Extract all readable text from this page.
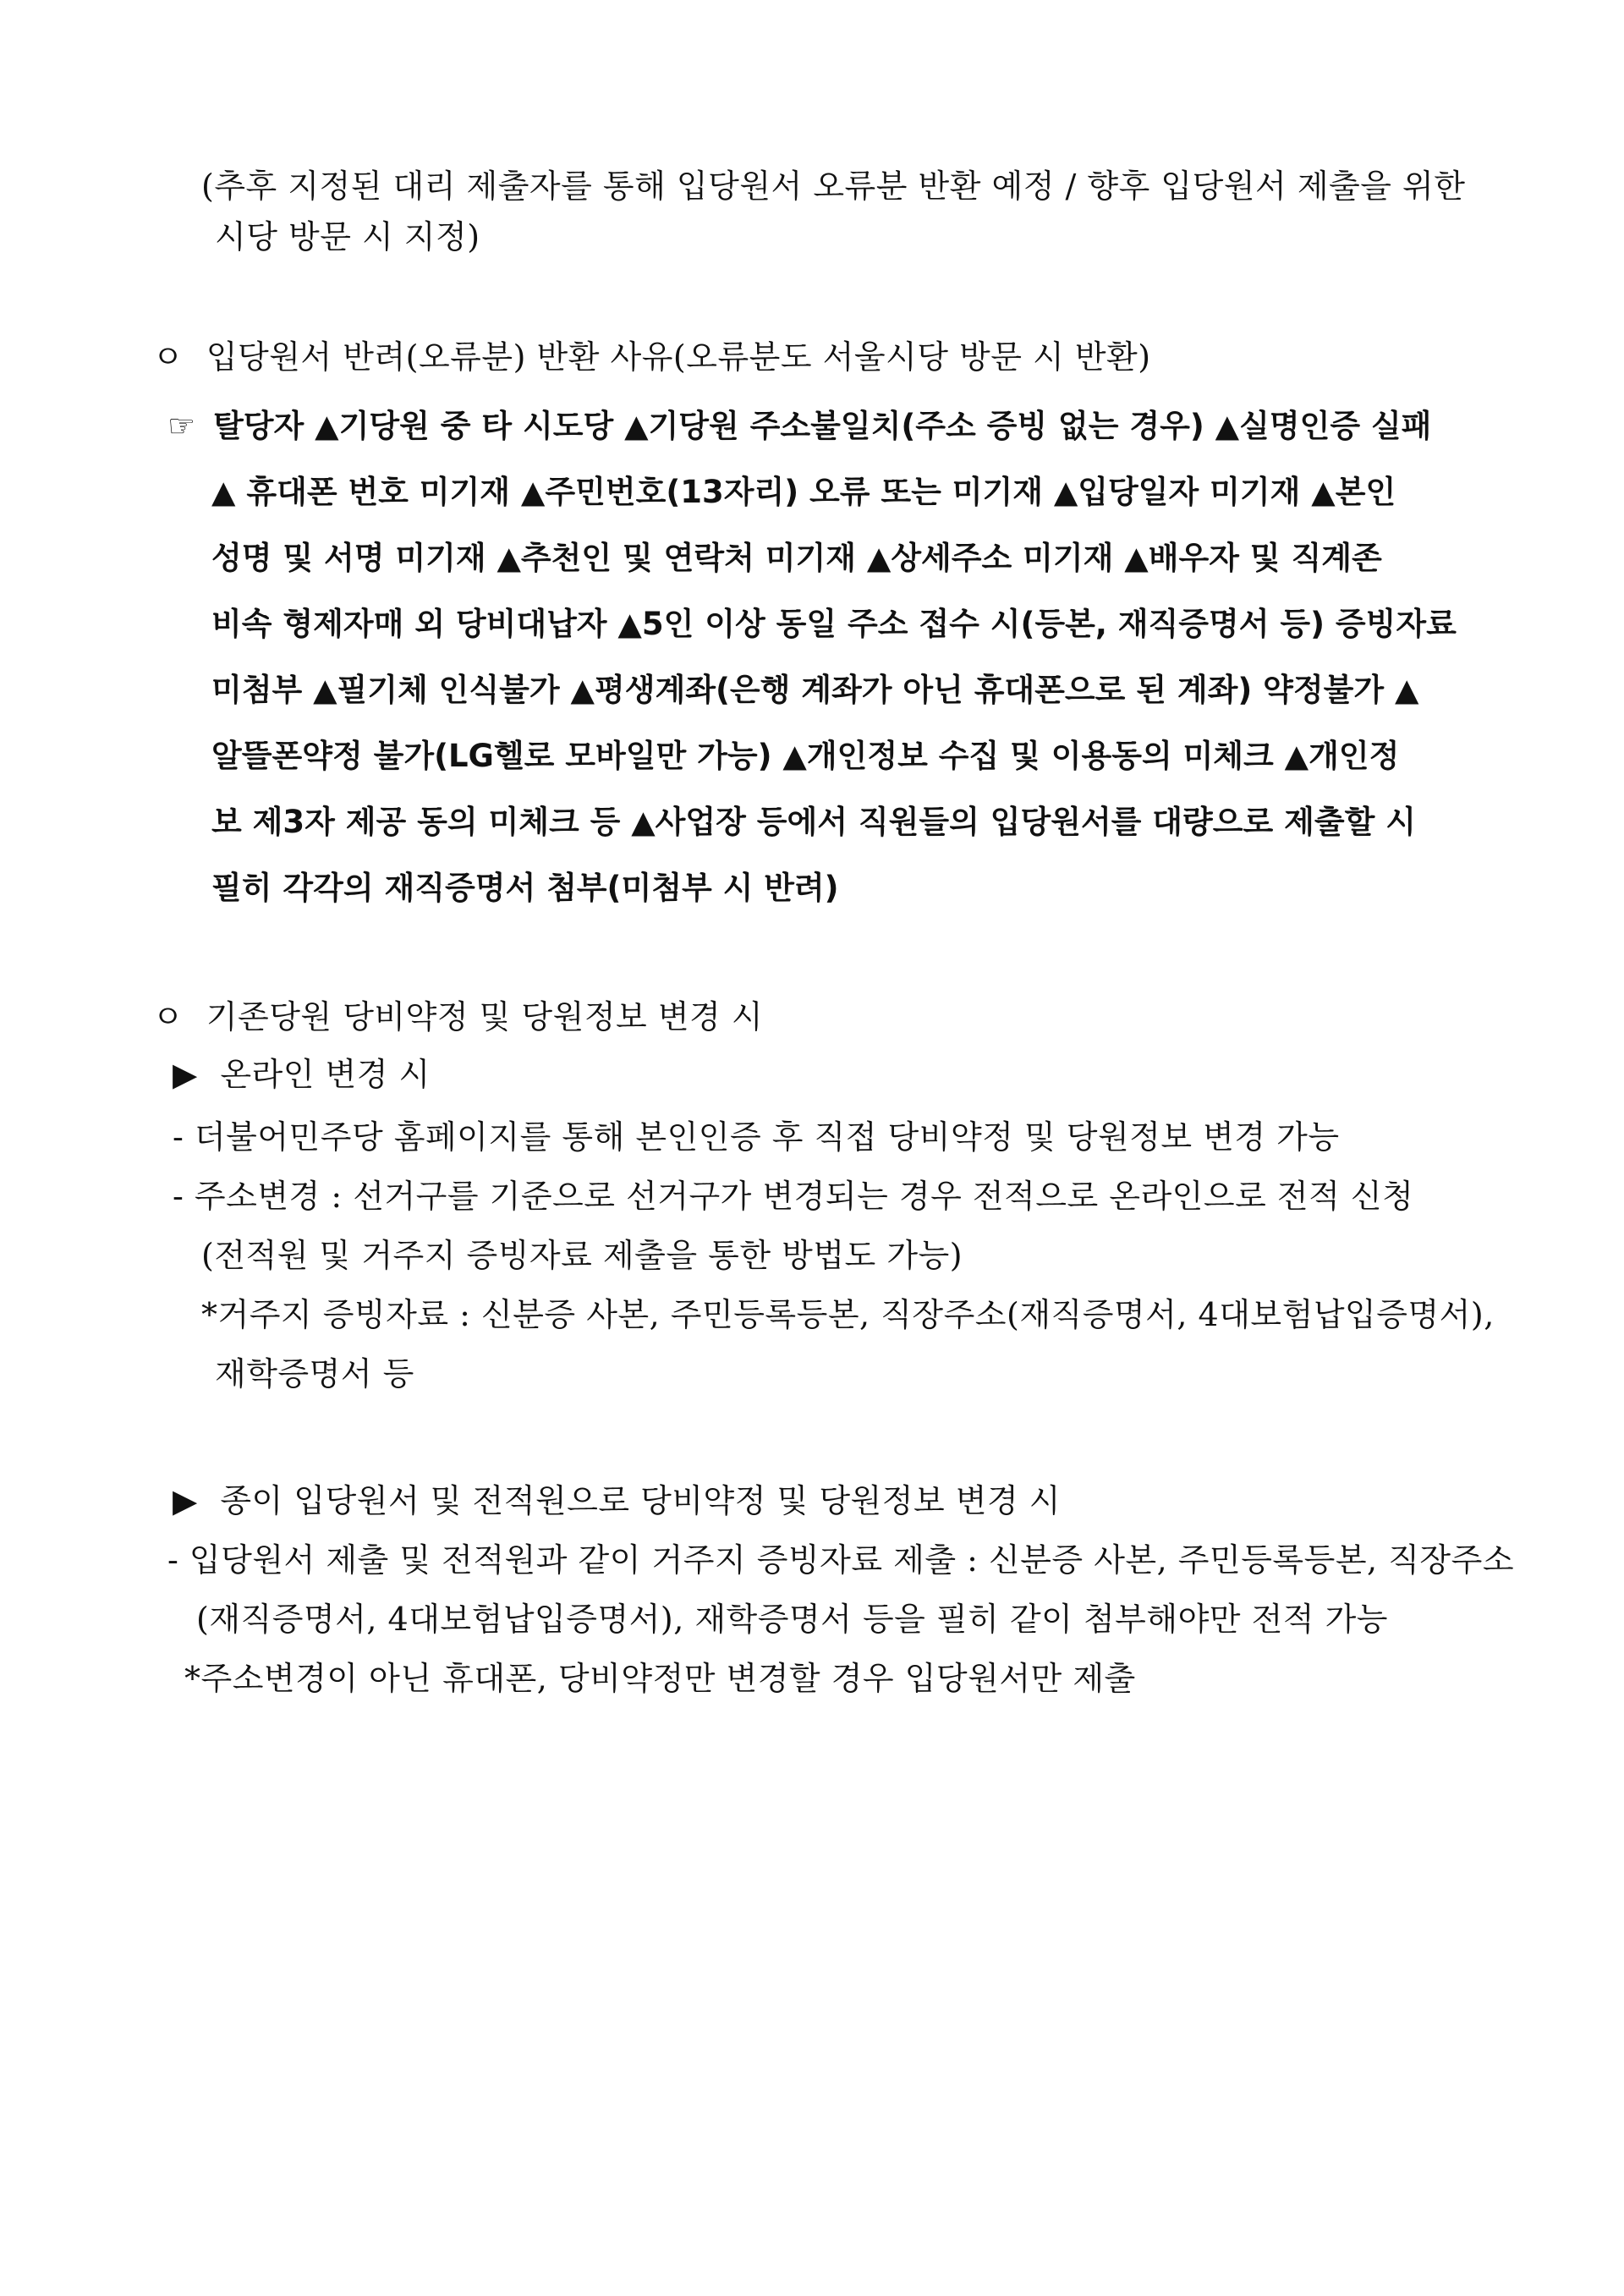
(추후 지정된 대리 제출자를 통해 입당원서 오류분 반환 예정 / 향후 입당원서 제출을 위한
시당 방문 시 지정)
ㅇ 입당원서 반려(오류분) 반환 사유(오류분도 서울시당 방문 시 반환)
☞ 탈당자 ▲기당원 중 타 시도당 ▲기당원 주소불일치(주소 증빙 없는 경우) ▲실명인증 실패
▲ 휴대폰 번호 미기재 ▲주민번호(13자리) 오류 또는 미기재 ▲입당일자 미기재 ▲본인
성명 및 서명 미기재 ▲추천인 및 연락처 미기재 ▲상세주소 미기재 ▲배우자 및 직계존
비속 형제자매 외 당비대납자 ▲5인 이상 동일 주소 접수 시(등본, 재직증명서 등) 증빙자료
미첨부 ▲필기체 인식불가 ▲평생계좌(은행 계좌가 아닌 휴대폰으로 된 계좌) 약정불가 ▲
알뜰폰약정 불가(LG헬로 모바일만 가능) ▲개인정보 수집 및 이용동의 미체크 ▲개인정
보 제3자 제공 동의 미체크 등 ▲사업장 등에서 직원들의 입당원서를 대량으로 제출할 시
필히 각각의 재직증명서 첨부(미첨부 시 반려)
ㅇ 기존당원 당비약정 및 당원정보 변경 시
▶ 온라인 변경 시
- 더불어민주당 홈페이지를 통해 본인인증 후 직접 당비약정 및 당원정보 변경 가능
- 주소변경 : 선거구를 기준으로 선거구가 변경되는 경우 전적으로 온라인으로 전적 신청
(전적원 및 거주지 증빙자료 제출을 통한 방법도 가능)
*거주지 증빙자료 : 신분증 사본, 주민등록등본, 직장주소(재직증명서, 4대보험납입증명서),
재학증명서 등
▶ 종이 입당원서 및 전적원으로 당비약정 및 당원정보 변경 시
- 입당원서 제출 및 전적원과 같이 거주지 증빙자료 제출 : 신분증 사본, 주민등록등본, 직장주소
(재직증명서, 4대보험납입증명서), 재학증명서 등을 필히 같이 첨부해야만 전적 가능
*주소변경이 아닌 휴대폰, 당비약정만 변경할 경우 입당원서만 제출
